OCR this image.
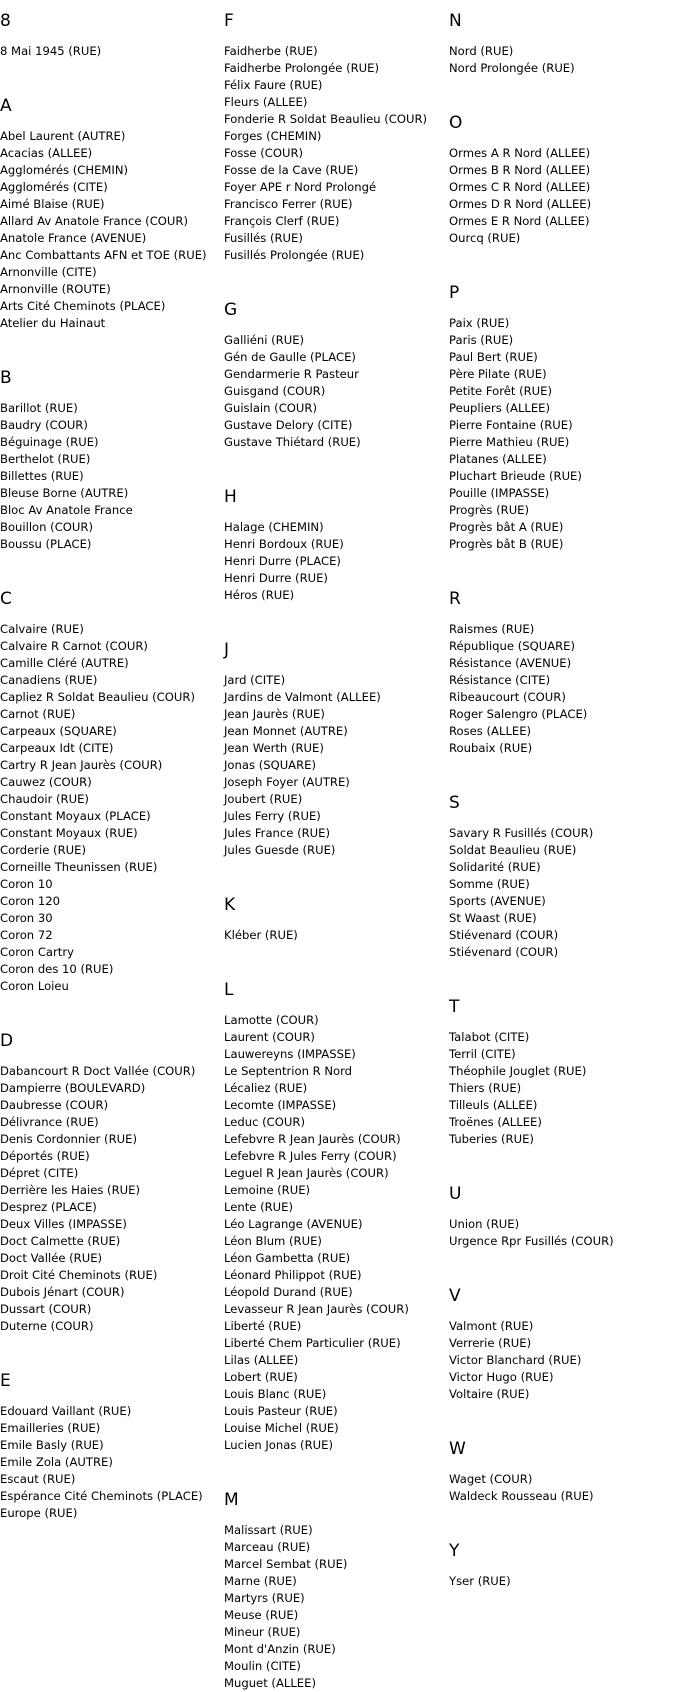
8
8 Mai 1945 (RUE)
A
Abel Laurent (AUTRE)
Acacias (ALLEE)
Agglomérés (CHEMIN)
Agglomérés (CITE)
Aimé Blaise (RUE)
Allard Av Anatole France (COUR)
Anatole France (AVENUE)
Anc Combattants AFN et TOE (RUE)
Arnonville (CITE)
Arnonville (ROUTE)
Arts Cité Cheminots (PLACE)
Atelier du Hainaut
B
Barillot (RUE)
Baudry (COUR)
Béguinage (RUE)
Berthelot (RUE)
Billettes (RUE)
Bleuse Borne (AUTRE)
Bloc Av Anatole France
Bouillon (COUR)
Boussu (PLACE)
C
Calvaire (RUE)
Calvaire R Carnot (COUR)
Camille Cléré (AUTRE)
Canadiens (RUE)
Capliez R Soldat Beaulieu (COUR)
Carnot (RUE)
Carpeaux (SQUARE)
Carpeaux Idt (CITE)
Cartry R Jean Jaurès (COUR)
Cauwez (COUR)
Chaudoir (RUE)
Constant Moyaux (PLACE)
Constant Moyaux (RUE)
Corderie (RUE)
Corneille Theunissen (RUE)
Coron 10
Coron 120
Coron 30
Coron 72
Coron Cartry
Coron des 10 (RUE)
Coron Loieu
D
Dabancourt R Doct Vallée (COUR)
Dampierre (BOULEVARD)
Daubresse (COUR)
Délivrance (RUE)
Denis Cordonnier (RUE)
Déportés (RUE)
Dépret (CITE)
Derrière les Haies (RUE)
Desprez (PLACE)
Deux Villes (IMPASSE)
Doct Calmette (RUE)
Doct Vallée (RUE)
Droit Cité Cheminots (RUE)
Dubois Jénart (COUR)
Dussart (COUR)
Duterne (COUR)
E
Edouard Vaillant (RUE)
Emailleries (RUE)
Emile Basly (RUE)
Emile Zola (AUTRE)
Escaut (RUE)
Espérance Cité Cheminots (PLACE)
Europe (RUE)
F
Faidherbe (RUE)
Faidherbe Prolongée (RUE)
Félix Faure (RUE)
Fleurs (ALLEE)
Fonderie R Soldat Beaulieu (COUR)
Forges (CHEMIN)
Fosse (COUR)
Fosse de la Cave (RUE)
Foyer APE r Nord Prolongé
Francisco Ferrer (RUE)
François Clerf (RUE)
Fusillés (RUE)
Fusillés Prolongée (RUE)
G
Galliéni (RUE)
Gén de Gaulle (PLACE)
Gendarmerie R Pasteur
Guisgand (COUR)
Guislain (COUR)
Gustave Delory (CITE)
Gustave Thiétard (RUE)
H
Halage (CHEMIN)
Henri Bordoux (RUE)
Henri Durre (PLACE)
Henri Durre (RUE)
Héros (RUE)
J
Jard (CITE)
Jardins de Valmont (ALLEE)
Jean Jaurès (RUE)
Jean Monnet (AUTRE)
Jean Werth (RUE)
Jonas (SQUARE)
Joseph Foyer (AUTRE)
Joubert (RUE)
Jules Ferry (RUE)
Jules France (RUE)
Jules Guesde (RUE)
K
Kléber (RUE)
L
Lamotte (COUR)
Laurent (COUR)
Lauwereyns (IMPASSE)
Le Septentrion R Nord
Lécaliez (RUE)
Lecomte (IMPASSE)
Leduc (COUR)
Lefebvre R Jean Jaurès (COUR)
Lefebvre R Jules Ferry (COUR)
Leguel R Jean Jaurès (COUR)
Lemoine (RUE)
Lente (RUE)
Léo Lagrange (AVENUE)
Léon Blum (RUE)
Léon Gambetta (RUE)
Léonard Philippot (RUE)
Léopold Durand (RUE)
Levasseur R Jean Jaurès (COUR)
Liberté (RUE)
Liberté Chem Particulier (RUE)
Lilas (ALLEE)
Lobert (RUE)
Louis Blanc (RUE)
Louis Pasteur (RUE)
Louise Michel (RUE)
Lucien Jonas (RUE)
M
Malissart (RUE)
Marceau (RUE)
Marcel Sembat (RUE)
Marne (RUE)
Martyrs (RUE)
Meuse (RUE)
Mineur (RUE)
Mont d'Anzin (RUE)
Moulin (CITE)
Muguet (ALLEE)
N
Nord (RUE)
Nord Prolongée (RUE)
O
Ormes A R Nord (ALLEE)
Ormes B R Nord (ALLEE)
Ormes C R Nord (ALLEE)
Ormes D R Nord (ALLEE)
Ormes E R Nord (ALLEE)
Ourcq (RUE)
P
Paix (RUE)
Paris (RUE)
Paul Bert (RUE)
Père Pilate (RUE)
Petite Forêt (RUE)
Peupliers (ALLEE)
Pierre Fontaine (RUE)
Pierre Mathieu (RUE)
Platanes (ALLEE)
Pluchart Brieude (RUE)
Pouille (IMPASSE)
Progrès (RUE)
Progrès bât A (RUE)
Progrès bât B (RUE)
R
Raismes (RUE)
République (SQUARE)
Résistance (AVENUE)
Résistance (CITE)
Ribeaucourt (COUR)
Roger Salengro (PLACE)
Roses (ALLEE)
Roubaix (RUE)
S
Savary R Fusillés (COUR)
Soldat Beaulieu (RUE)
Solidarité (RUE)
Somme (RUE)
Sports (AVENUE)
St Waast (RUE)
Stiévenard (COUR)
Stiévenard (COUR)
T
Talabot (CITE)
Terril (CITE)
Théophile Jouglet (RUE)
Thiers (RUE)
Tilleuls (ALLEE)
Troënes (ALLEE)
Tuberies (RUE)
U
Union (RUE)
Urgence Rpr Fusillés (COUR)
V
Valmont (RUE)
Verrerie (RUE)
Victor Blanchard (RUE)
Victor Hugo (RUE)
Voltaire (RUE)
W
Waget (COUR)
Waldeck Rousseau (RUE)
Y
Yser (RUE)
